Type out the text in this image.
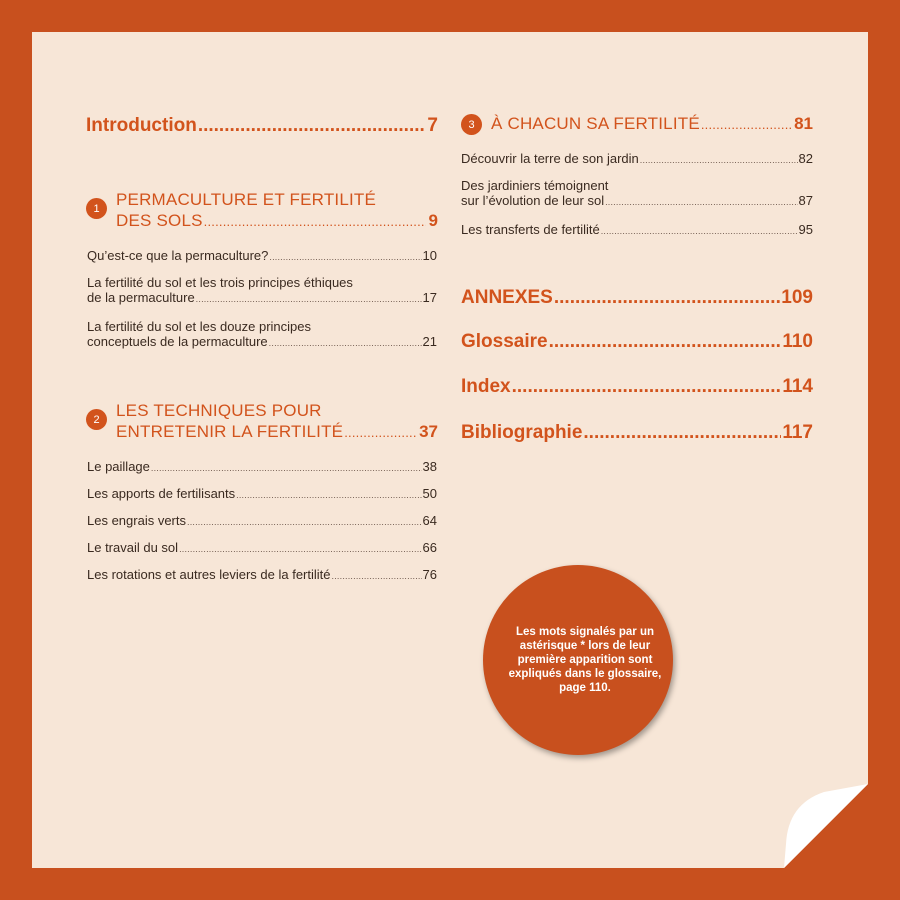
Introduction .....	7
1 PERMACULTURE ET FERTILITÉ
DES SOLS .....	9
Qu’est-ce que la permaculture? .....	10
La fertilité du sol et les trois principes éthiques
de la permaculture .....	17
La fertilité du sol et les douze principes
conceptuels de la permaculture .....	21
2 LES TECHNIQUES POUR
ENTRETENIR LA FERTILITÉ .....	37
Le paillage .....	38
Les apports de fertilisants .....	50
Les engrais verts .....	64
Le travail du sol .....	66
Les rotations et autres leviers de la fertilité .....	76
3 À CHACUN SA FERTILITÉ .....	81
Découvrir la terre de son jardin .....	82
Des jardiniers témoignent
sur l’évolution de leur sol .....	87
Les transferts de fertilité .....	95
ANNEXES .....	109
Glossaire .....	110
Index .....	114
Bibliographie .....	117
Les mots signalés par un astérisque * lors de leur première apparition sont expliqués dans le glossaire, page 110.
